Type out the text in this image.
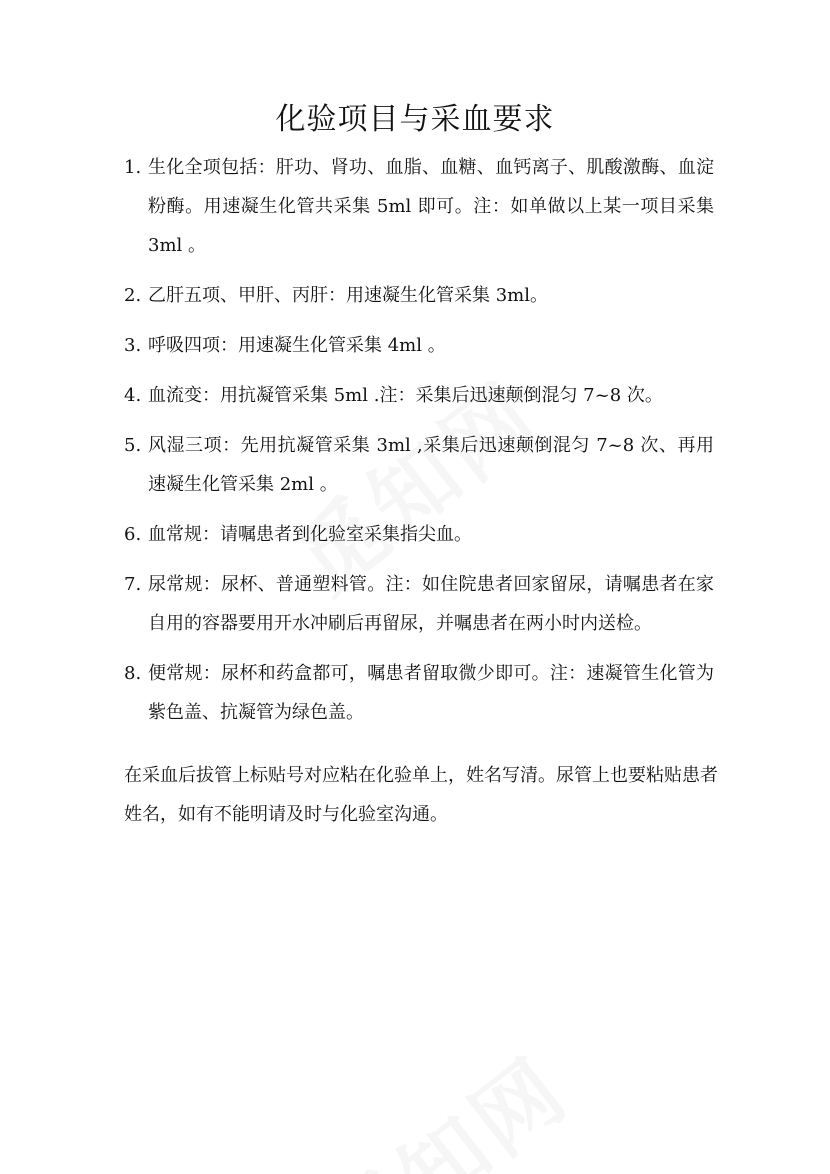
化验项目与采血要求
1. 生化全项包括：肝功、肾功、血脂、血糖、血钙离子、肌酸激酶、血淀粉酶。用速凝生化管共采集 5ml 即可。注：如单做以上某一项目采集 3ml 。
2. 乙肝五项、甲肝、丙肝：用速凝生化管采集 3ml。
3. 呼吸四项：用速凝生化管采集 4ml 。
4. 血流变：用抗凝管采集 5ml .注：采集后迅速颠倒混匀 7~8 次。
5. 风湿三项：先用抗凝管采集 3ml ,采集后迅速颠倒混匀 7~8 次、再用速凝生化管采集 2ml 。
6. 血常规：请嘱患者到化验室采集指尖血。
7. 尿常规：尿杯、普通塑料管。注：如住院患者回家留尿，请嘱患者在家自用的容器要用开水冲刷后再留尿，并嘱患者在两小时内送检。
8. 便常规：尿杯和药盒都可，嘱患者留取微少即可。注：速凝管生化管为紫色盖、抗凝管为绿色盖。
在采血后拔管上标贴号对应粘在化验单上，姓名写清。尿管上也要粘贴患者姓名，如有不能明请及时与化验室沟通。
